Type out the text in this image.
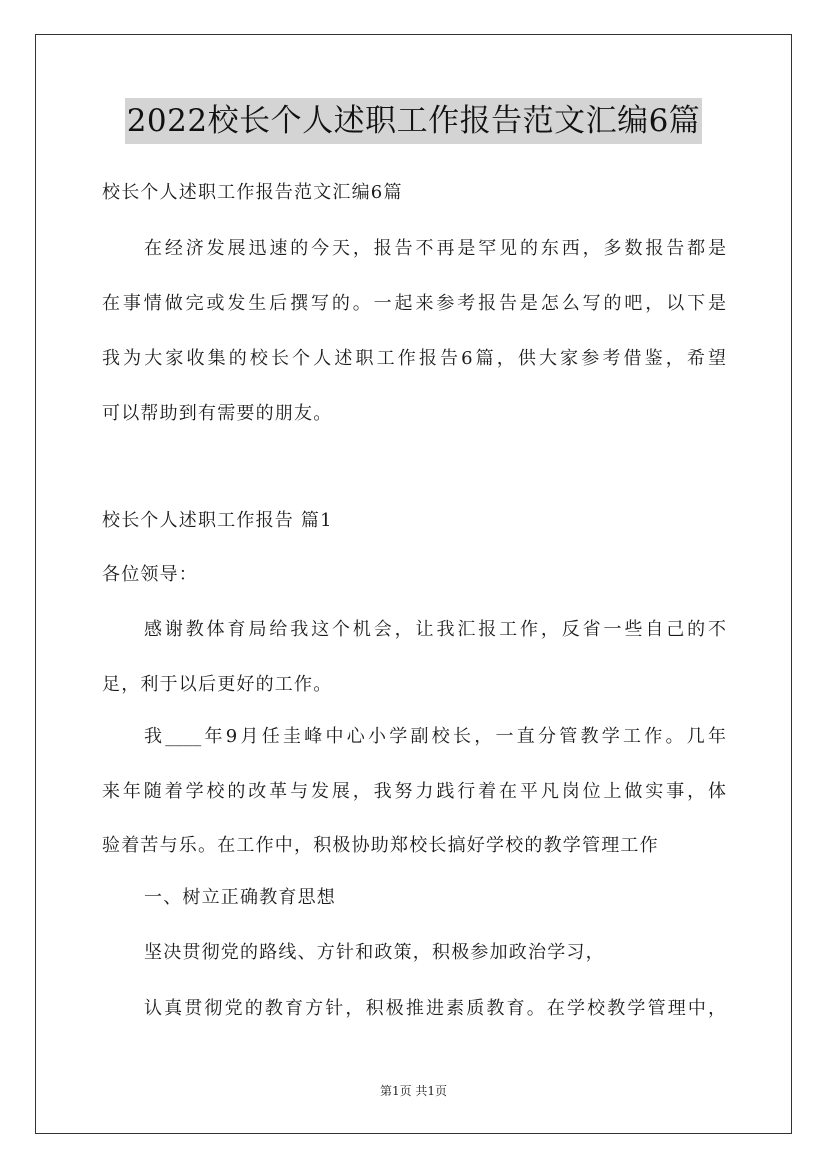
2022校长个人述职工作报告范文汇编6篇
校长个人述职工作报告范文汇编6篇
在经济发展迅速的今天，报告不再是罕见的东西，多数报告都是
在事情做完或发生后撰写的。一起来参考报告是怎么写的吧，以下是
我为大家收集的校长个人述职工作报告6篇，供大家参考借鉴，希望
可以帮助到有需要的朋友。
校长个人述职工作报告 篇1
各位领导：
感谢教体育局给我这个机会，让我汇报工作，反省一些自己的不
足，利于以后更好的工作。
我____年9月任圭峰中心小学副校长，一直分管教学工作。几年
来年随着学校的改革与发展，我努力践行着在平凡岗位上做实事，体
验着苦与乐。在工作中，积极协助郑校长搞好学校的教学管理工作
一、树立正确教育思想
坚决贯彻党的路线、方针和政策，积极参加政治学习，
认真贯彻党的教育方针，积极推进素质教育。在学校教学管理中，
第1页 共1页
